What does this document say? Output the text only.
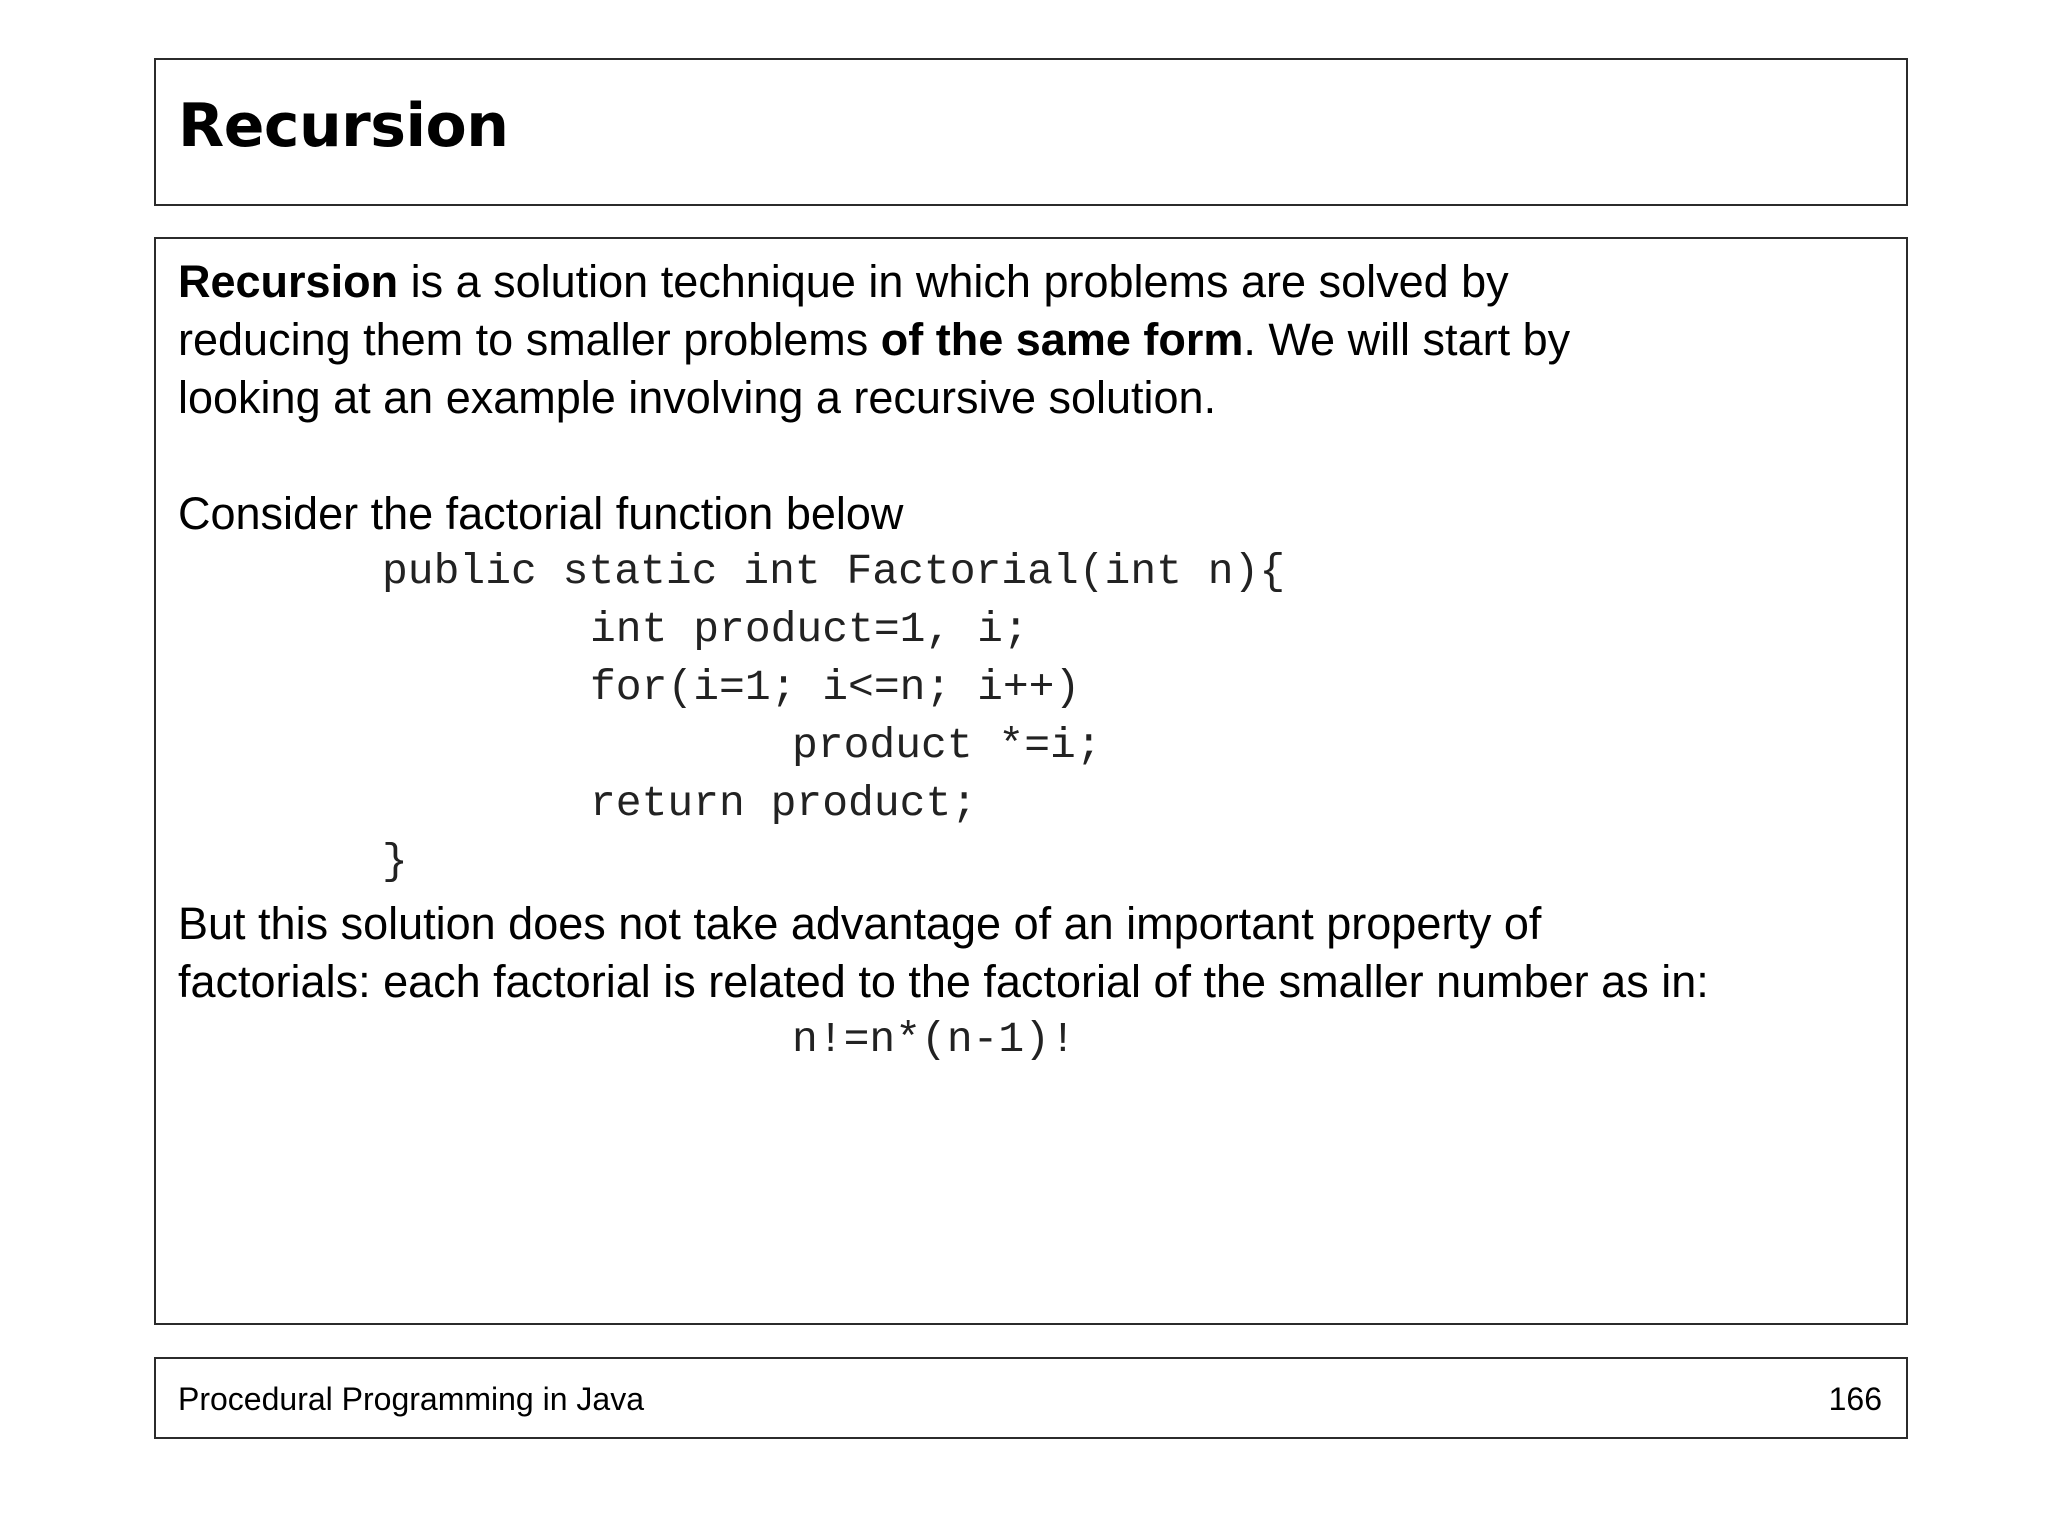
Recursion

Recursion is a solution technique in which problems are solved by
reducing them to smaller problems of the same form. We will start by
looking at an example involving a recursive solution.

Consider the factorial function below

public static int Factorial(int n){
int product=1, i;
for(i=1; i<=n; i++)
product *=i;
return product;
}

But this solution does not take advantage of an important property of
factorials: each factorial is related to the factorial of the smaller number as in:

n!=n*(n-1)!
Procedural Programming in Java	166
